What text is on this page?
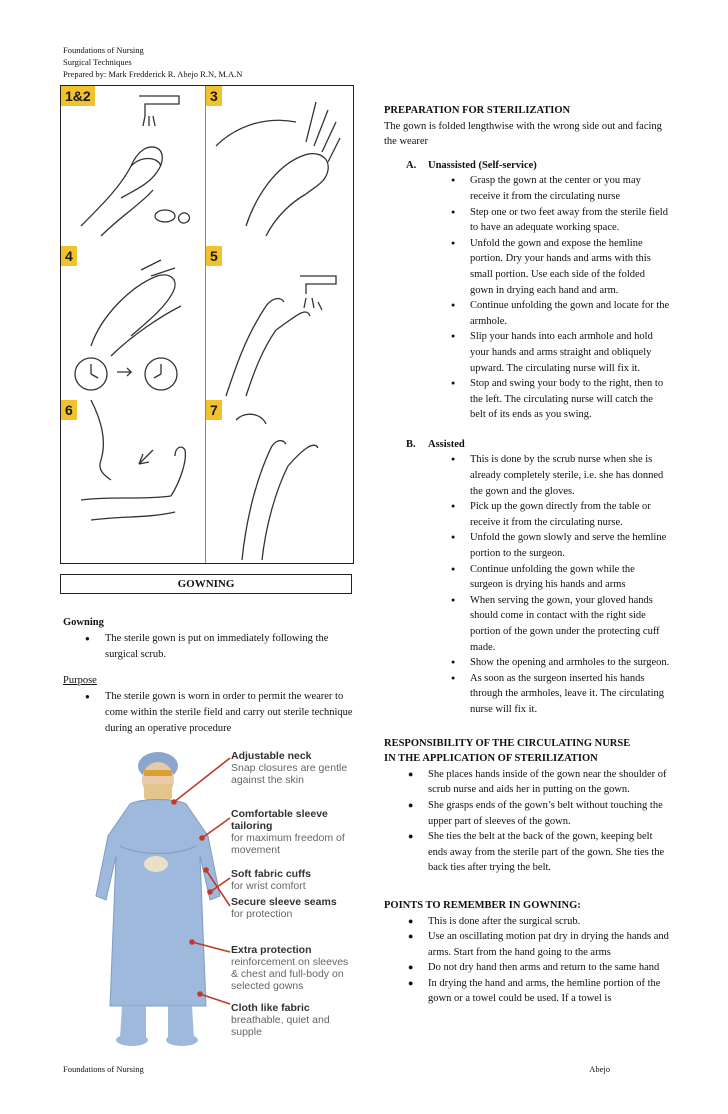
Foundations of Nursing
Surgical Techniques
Prepared by: Mark Fredderick R. Abejo R.N, M.A.N
1&2	3
4	5
6	7
GOWNING
Gowning
● The sterile gown is put on immediately following the surgical scrub.
Purpose
● The sterile gown is worn in order to permit the wearer to come within the sterile field and carry out sterile technique during an operative procedure
Adjustable neck
Snap closures are gentle against the skin
Comfortable sleeve tailoring
for maximum freedom of movement
Soft fabric cuffs
for wrist comfort
Secure sleeve seams
for protection
Extra protection
reinforcement on sleeves & chest and full-body on selected gowns
Cloth like fabric
breathable, quiet and supple
PREPARATION FOR STERILIZATION
The gown is folded lengthwise with the wrong side out and facing the wearer
A. Unassisted (Self-service)
● Grasp the gown at the center or you may receive it from the circulating nurse
● Step one or two feet away from the sterile field to have an adequate working space.
● Unfold the gown and expose the hemline portion. Dry your hands and arms with this small portion. Use each side of the folded gown in drying each hand and arm.
● Continue unfolding the gown and locate for the armhole.
● Slip your hands into each armhole and hold your hands and arms straight and obliquely upward. The circulating nurse will fix it.
● Stop and swing your body to the right, then to the left. The circulating nurse will catch the belt of its ends as you swing.
B. Assisted
● This is done by the scrub nurse when she is already completely sterile, i.e. she has donned the gown and the gloves.
● Pick up the gown directly from the table or receive it from the circulating nurse.
● Unfold the gown slowly and serve the hemline portion to the surgeon.
● Continue unfolding the gown while the surgeon is drying his hands and arms
● When serving the gown, your gloved hands should come in contact with the right side portion of the gown under the protecting cuff made.
● Show the opening and armholes to the surgeon.
● As soon as the surgeon inserted his hands through the armholes, leave it. The circulating nurse will fix it.
RESPONSIBILITY OF THE CIRCULATING NURSE
IN THE APPLICATION OF STERILIZATION
● She places hands inside of the gown near the shoulder of scrub nurse and aids her in putting on the gown.
● She grasps ends of the gown’s belt without touching the upper part of sleeves of the gown.
● She ties the belt at the back of the gown, keeping belt ends away from the sterile part of the gown. She ties the back ties after trying the belt.
POINTS TO REMEMBER IN GOWNING:
● This is done after the surgical scrub.
● Use an oscillating motion pat dry in drying the hands and arms. Start from the hand going to the arms
● Do not dry hand then arms and return to the same hand
● In drying the hand and arms, the hemline portion of the gown or a towel could be used. If a towel is
Foundations of Nursing	Abejo
